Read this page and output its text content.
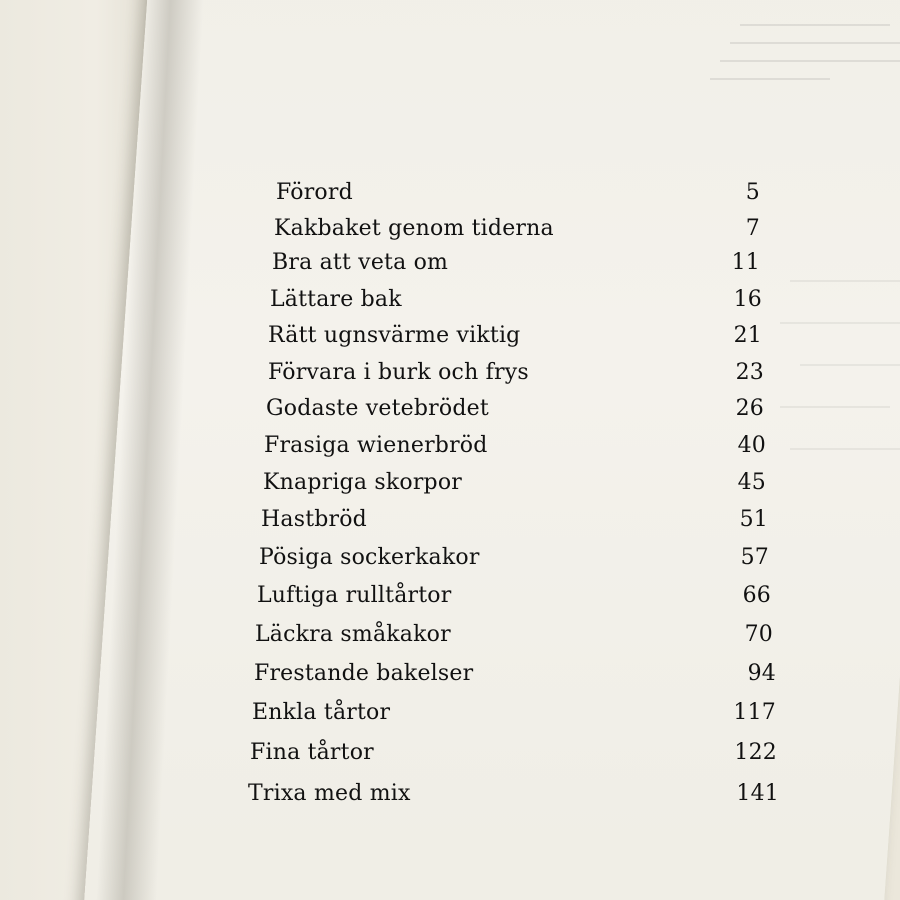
Förord	5
Kakbaket genom tiderna	7
Bra att veta om	11
Lättare bak	16
Rätt ugnsvärme viktig	21
Förvara i burk och frys	23
Godaste vetebrödet	26
Frasiga wienerbröd	40
Knapriga skorpor	45
Hastbröd	51
Pösiga sockerkakor	57
Luftiga rulltårtor	66
Läckra småkakor	70
Frestande bakelser	94
Enkla tårtor	117
Fina tårtor	122
Trixa med mix	141
